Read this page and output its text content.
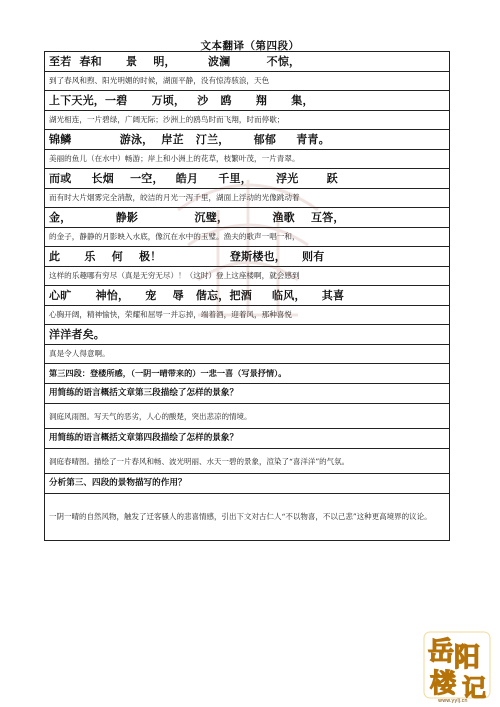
文本翻译（第四段）
至若  春和      景    明，        波澜         不惊，
到了春风和煦、阳光明媚的时候，湖面平静，没有惊涛骇浪，天色
上下天光，一碧      万顷，   沙   鸥      翔      集，
湖光相连，一片碧绿，广阔无际；沙洲上的鸥鸟时而飞翔，时而停歇；
锦鳞            游泳，  岸芷   汀兰，      郁郁     青青。
美丽的鱼儿（在水中）畅游；岸上和小洲上的花草，枝繁叶茂，一片青翠。
而或     长烟    一空，   皓月     千里，      浮光       跃
而有时大片烟雾完全消散，皎洁的月光一泻千里，湖面上浮动的光像跳动着
金，           静影              沉璧，           渔歌    互答，
的金子，静静的月影映入水底，像沉在水中的玉璧。渔夫的歌声一唱一和，
此      乐    何    极！                 登斯楼也，    则有
这样的乐趣哪有穷尽（真是无穷无尽）！（这时）登上这座楼啊，就会感到
心旷      神怡，    宠    辱   偕忘，把酒     临风，    其喜
心胸开阔，精神愉快，荣耀和屈辱一并忘掉，端着酒，迎着风，那种喜悦
洋洋者矣。
真是令人得意啊。
第三四段：登楼所感，（一阴一晴带来的）一悲一喜（写景抒情）。
用简练的语言概括文章第三段描绘了怎样的景象？
洞庭风雨图。写天气的恶劣，人心的酸楚，突出悲凉的情境。
用简练的语言概括文章第四段描绘了怎样的景象？
洞庭春晴图。描绘了一片春风和畅、波光明丽、水天一碧的景象，渲染了“喜洋洋”的气氛。
分析第三、四段的景物描写的作用？
一阴一晴的自然风物，触发了迁客骚人的悲喜情感，引出下文对古仁人“不以物喜，不以己悲”这种更高境界的议论。
岳 阳
楼 记
www.yylj.cn
